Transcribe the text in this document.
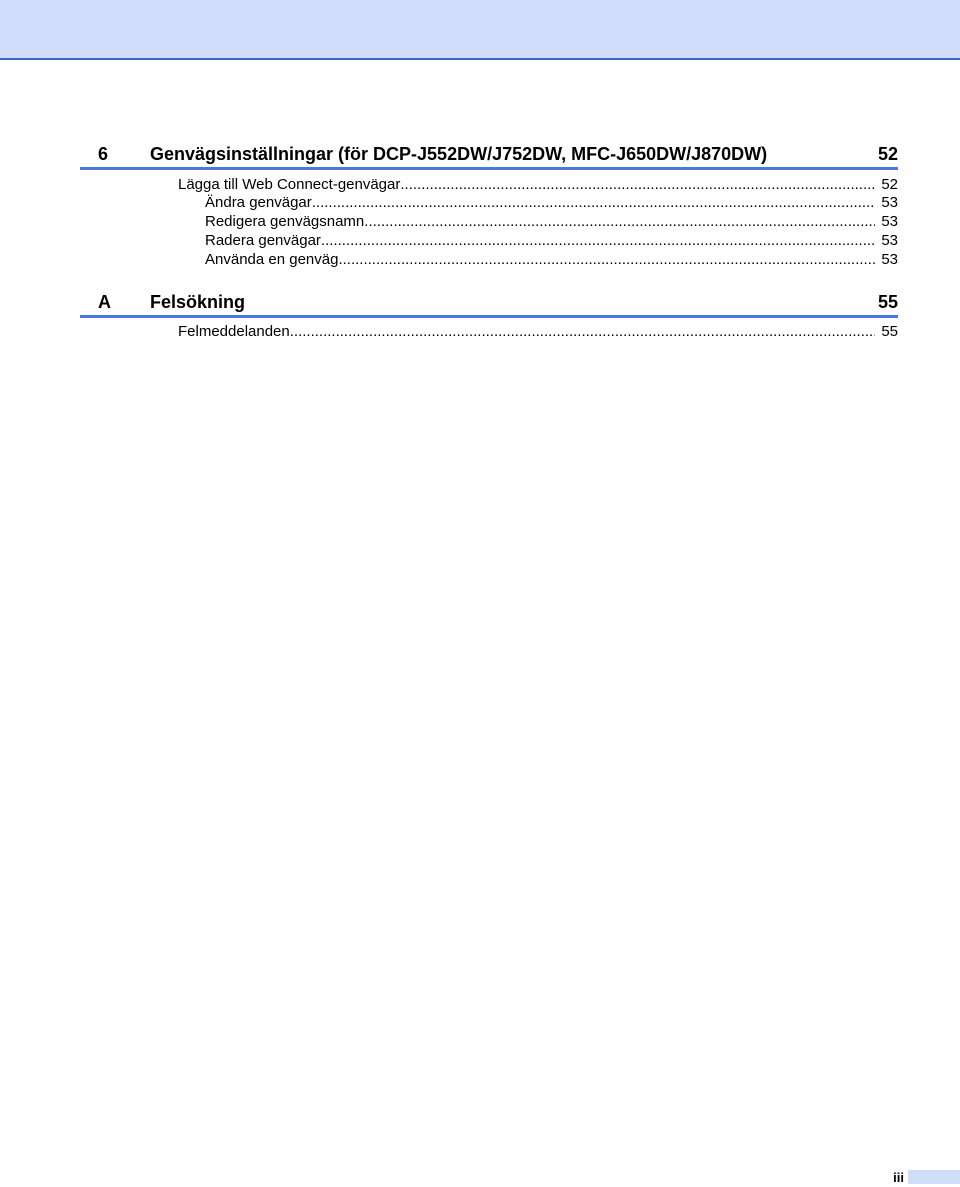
6 Genvägsinställningar (för DCP-J552DW/J752DW, MFC-J650DW/J870DW)	52
Lägga till Web Connect-genvägar .....	52
Ändra genvägar .....	53
Redigera genvägsnamn .....	53
Radera genvägar .....	53
Använda en genväg .....	53
A Felsökning	55
Felmeddelanden .....	55
iii
